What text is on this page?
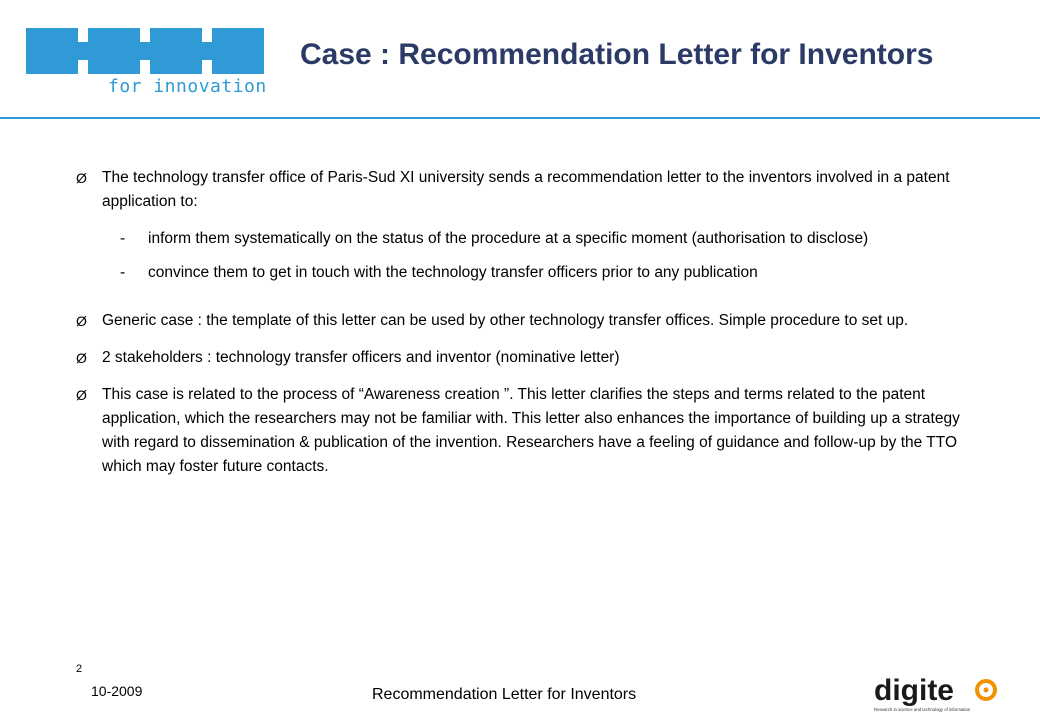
for innovation
Case : Recommendation Letter for Inventors
Ø The technology transfer office of Paris-Sud XI university sends a recommendation letter to the inventors involved in a patent application to:
- inform them systematically on the status of the procedure at a specific moment (authorisation to disclose)
- convince them to get in touch with the technology transfer officers prior to any publication
Ø Generic case : the template of this letter can be used by other technology transfer offices. Simple procedure to set up.
Ø 2 stakeholders : technology transfer officers and inventor (nominative letter)
Ø This case is related to the process of “Awareness creation ”. This letter clarifies the steps and terms related to the patent application, which the researchers may not be familiar with. This letter also enhances the importance of building up a strategy with regard to dissemination & publication of the invention. Researchers have a feeling of guidance and follow-up by the TTO which may foster future contacts.
2
10-2009	Recommendation Letter for Inventors	digite
Research in science and technology of information
